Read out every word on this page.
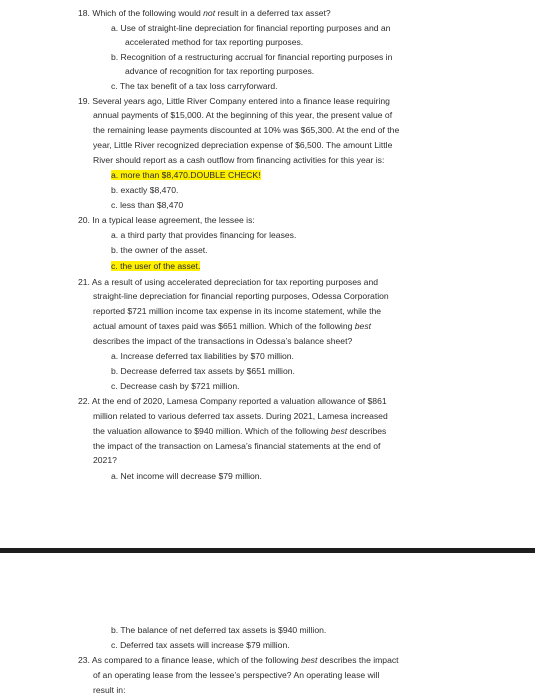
18. Which of the following would not result in a deferred tax asset?
a. Use of straight-line depreciation for financial reporting purposes and an
accelerated method for tax reporting purposes.
b. Recognition of a restructuring accrual for financial reporting purposes in
advance of recognition for tax reporting purposes.
c. The tax benefit of a tax loss carryforward.
19. Several years ago, Little River Company entered into a finance lease requiring
annual payments of $15,000. At the beginning of this year, the present value of
the remaining lease payments discounted at 10% was $65,300. At the end of the
year, Little River recognized depreciation expense of $6,500. The amount Little
River should report as a cash outflow from financing activities for this year is:
a. more than $8,470.DOUBLE CHECK!
b. exactly $8,470.
c. less than $8,470
20. In a typical lease agreement, the lessee is:
a. a third party that provides financing for leases.
b. the owner of the asset.
c. the user of the asset.
21. As a result of using accelerated depreciation for tax reporting purposes and
straight-line depreciation for financial reporting purposes, Odessa Corporation
reported $721 million income tax expense in its income statement, while the
actual amount of taxes paid was $651 million. Which of the following best
describes the impact of the transactions in Odessa’s balance sheet?
a. Increase deferred tax liabilities by $70 million.
b. Decrease deferred tax assets by $651 million.
c. Decrease cash by $721 million.
22. At the end of 2020, Lamesa Company reported a valuation allowance of $861
million related to various deferred tax assets. During 2021, Lamesa increased
the valuation allowance to $940 million. Which of the following best describes
the impact of the transaction on Lamesa’s financial statements at the end of
2021?
a. Net income will decrease $79 million.
b. The balance of net deferred tax assets is $940 million.
c. Deferred tax assets will increase $79 million.
23. As compared to a finance lease, which of the following best describes the impact
of an operating lease from the lessee’s perspective? An operating lease will
result in:
